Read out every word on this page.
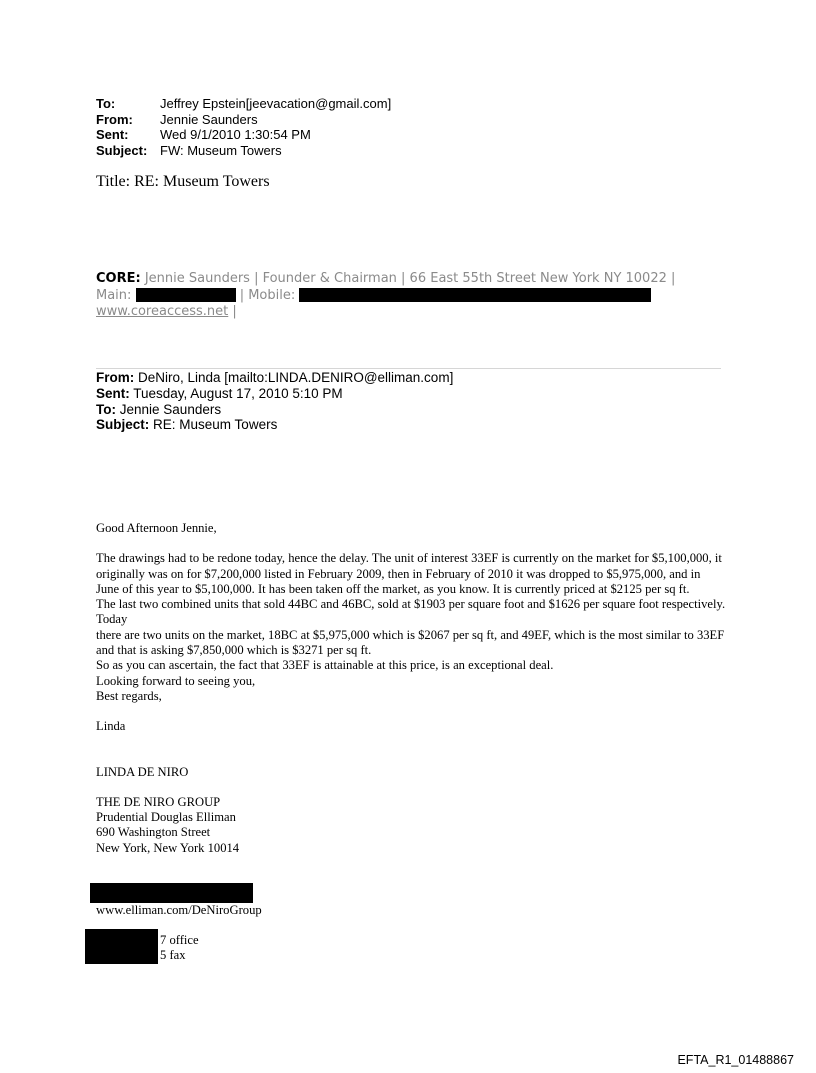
To:	Jeffrey Epstein[jeevacation@gmail.com]
From:	Jennie Saunders
Sent:	Wed 9/1/2010 1:30:54 PM
Subject: FW: Museum Towers
Title: RE: Museum Towers
CORE: Jennie Saunders | Founder & Chairman | 66 East 55th Street New York NY 10022 |
Main:	| Mobile:
www.coreaccess.net |
From: DeNiro, Linda [mailto:LINDA.DENIRO@elliman.com]
Sent: Tuesday, August 17, 2010 5:10 PM
To: Jennie Saunders
Subject: RE: Museum Towers

Good Afternoon Jennie,

The drawings had to be redone today, hence the delay. The unit of interest 33EF is currently on the market for $5,100,000, it originally was on for $7,200,000 listed in February 2009, then in February of 2010 it was dropped to $5,975,000, and in June of this year to $5,100,000. It has been taken off the market, as you know. It is currently priced at $2125 per sq ft.

The last two combined units that sold 44BC and 46BC, sold at $1903 per square foot and $1626 per square foot respectively. Today

there are two units on the market, 18BC at $5,975,000 which is $2067 per sq ft, and 49EF, which is the most similar to 33EF and that is asking $7,850,000 which is $3271 per sq ft.

So as you can ascertain, the fact that 33EF is attainable at this price, is an exceptional deal.

Looking forward to seeing you,

Best regards,

Linda

LINDA DE NIRO

THE DE NIRO GROUP

Prudential Douglas Elliman

690 Washington Street

New York, New York 10014

www.elliman.com/DeNiroGroup
7 office
5 fax
EFTA_R1_01488867
